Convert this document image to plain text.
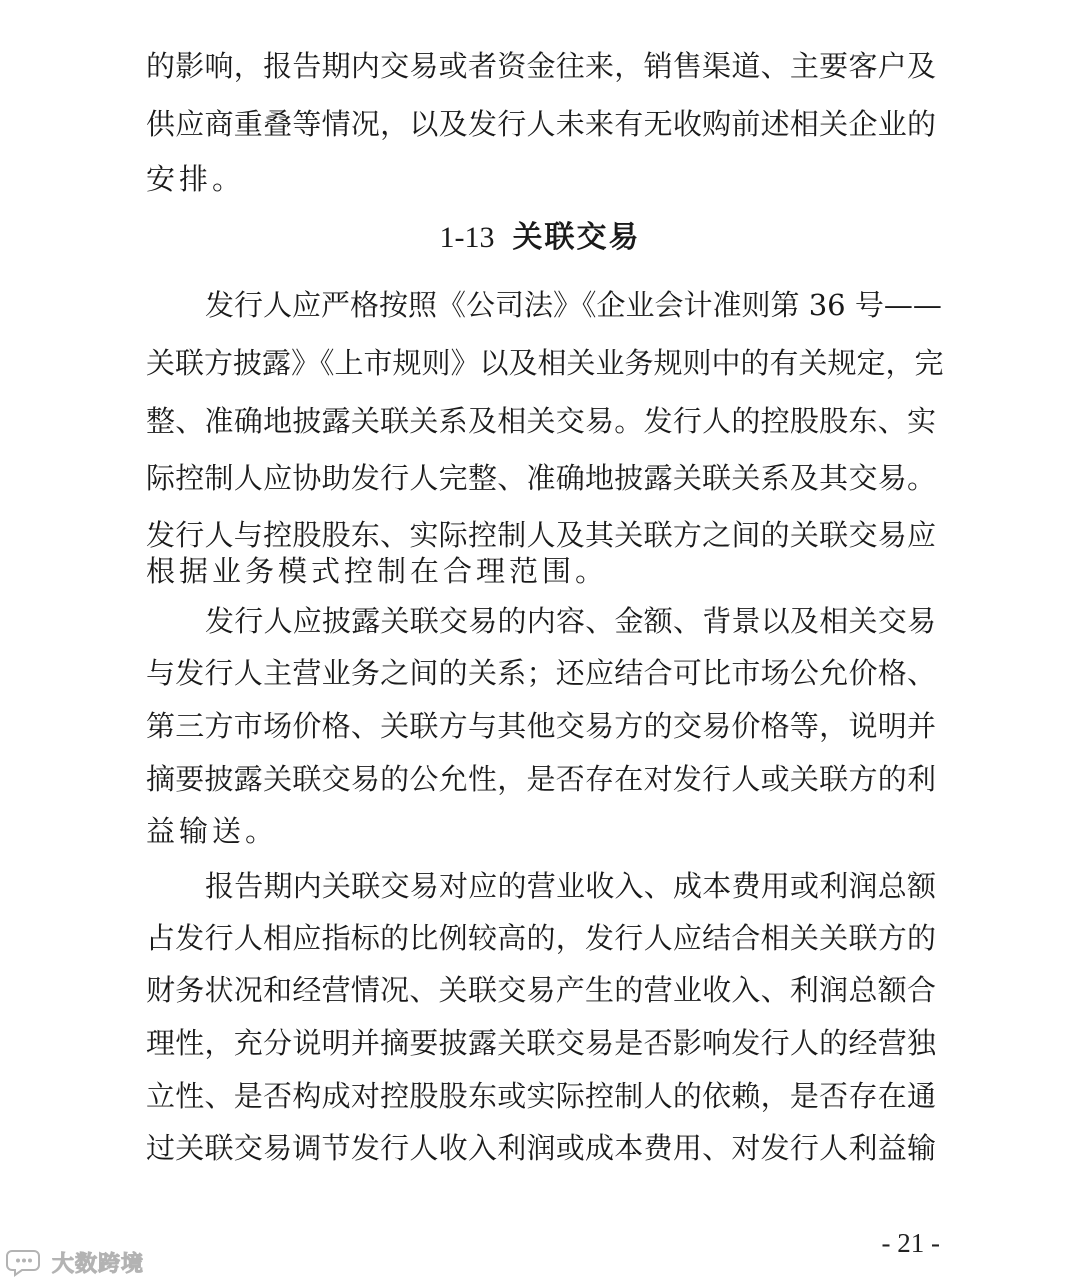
的影响，报告期内交易或者资金往来，销售渠道、主要客户及
供应商重叠等情况，以及发行人未来有无收购前述相关企业的
安排。
1-13 关联交易
发行人应严格按照《公司法》《企业会计准则第 36 号——
关联方披露》《上市规则》以及相关业务规则中的有关规定，完
整、准确地披露关联关系及相关交易。发行人的控股股东、实
际控制人应协助发行人完整、准确地披露关联关系及其交易。
发行人与控股股东、实际控制人及其关联方之间的关联交易应
根据业务模式控制在合理范围。
发行人应披露关联交易的内容、金额、背景以及相关交易
与发行人主营业务之间的关系；还应结合可比市场公允价格、
第三方市场价格、关联方与其他交易方的交易价格等，说明并
摘要披露关联交易的公允性，是否存在对发行人或关联方的利
益输送。
报告期内关联交易对应的营业收入、成本费用或利润总额
占发行人相应指标的比例较高的，发行人应结合相关关联方的
财务状况和经营情况、关联交易产生的营业收入、利润总额合
理性，充分说明并摘要披露关联交易是否影响发行人的经营独
立性、是否构成对控股股东或实际控制人的依赖，是否存在通
过关联交易调节发行人收入利润或成本费用、对发行人利益输
- 21 -
大数跨境
